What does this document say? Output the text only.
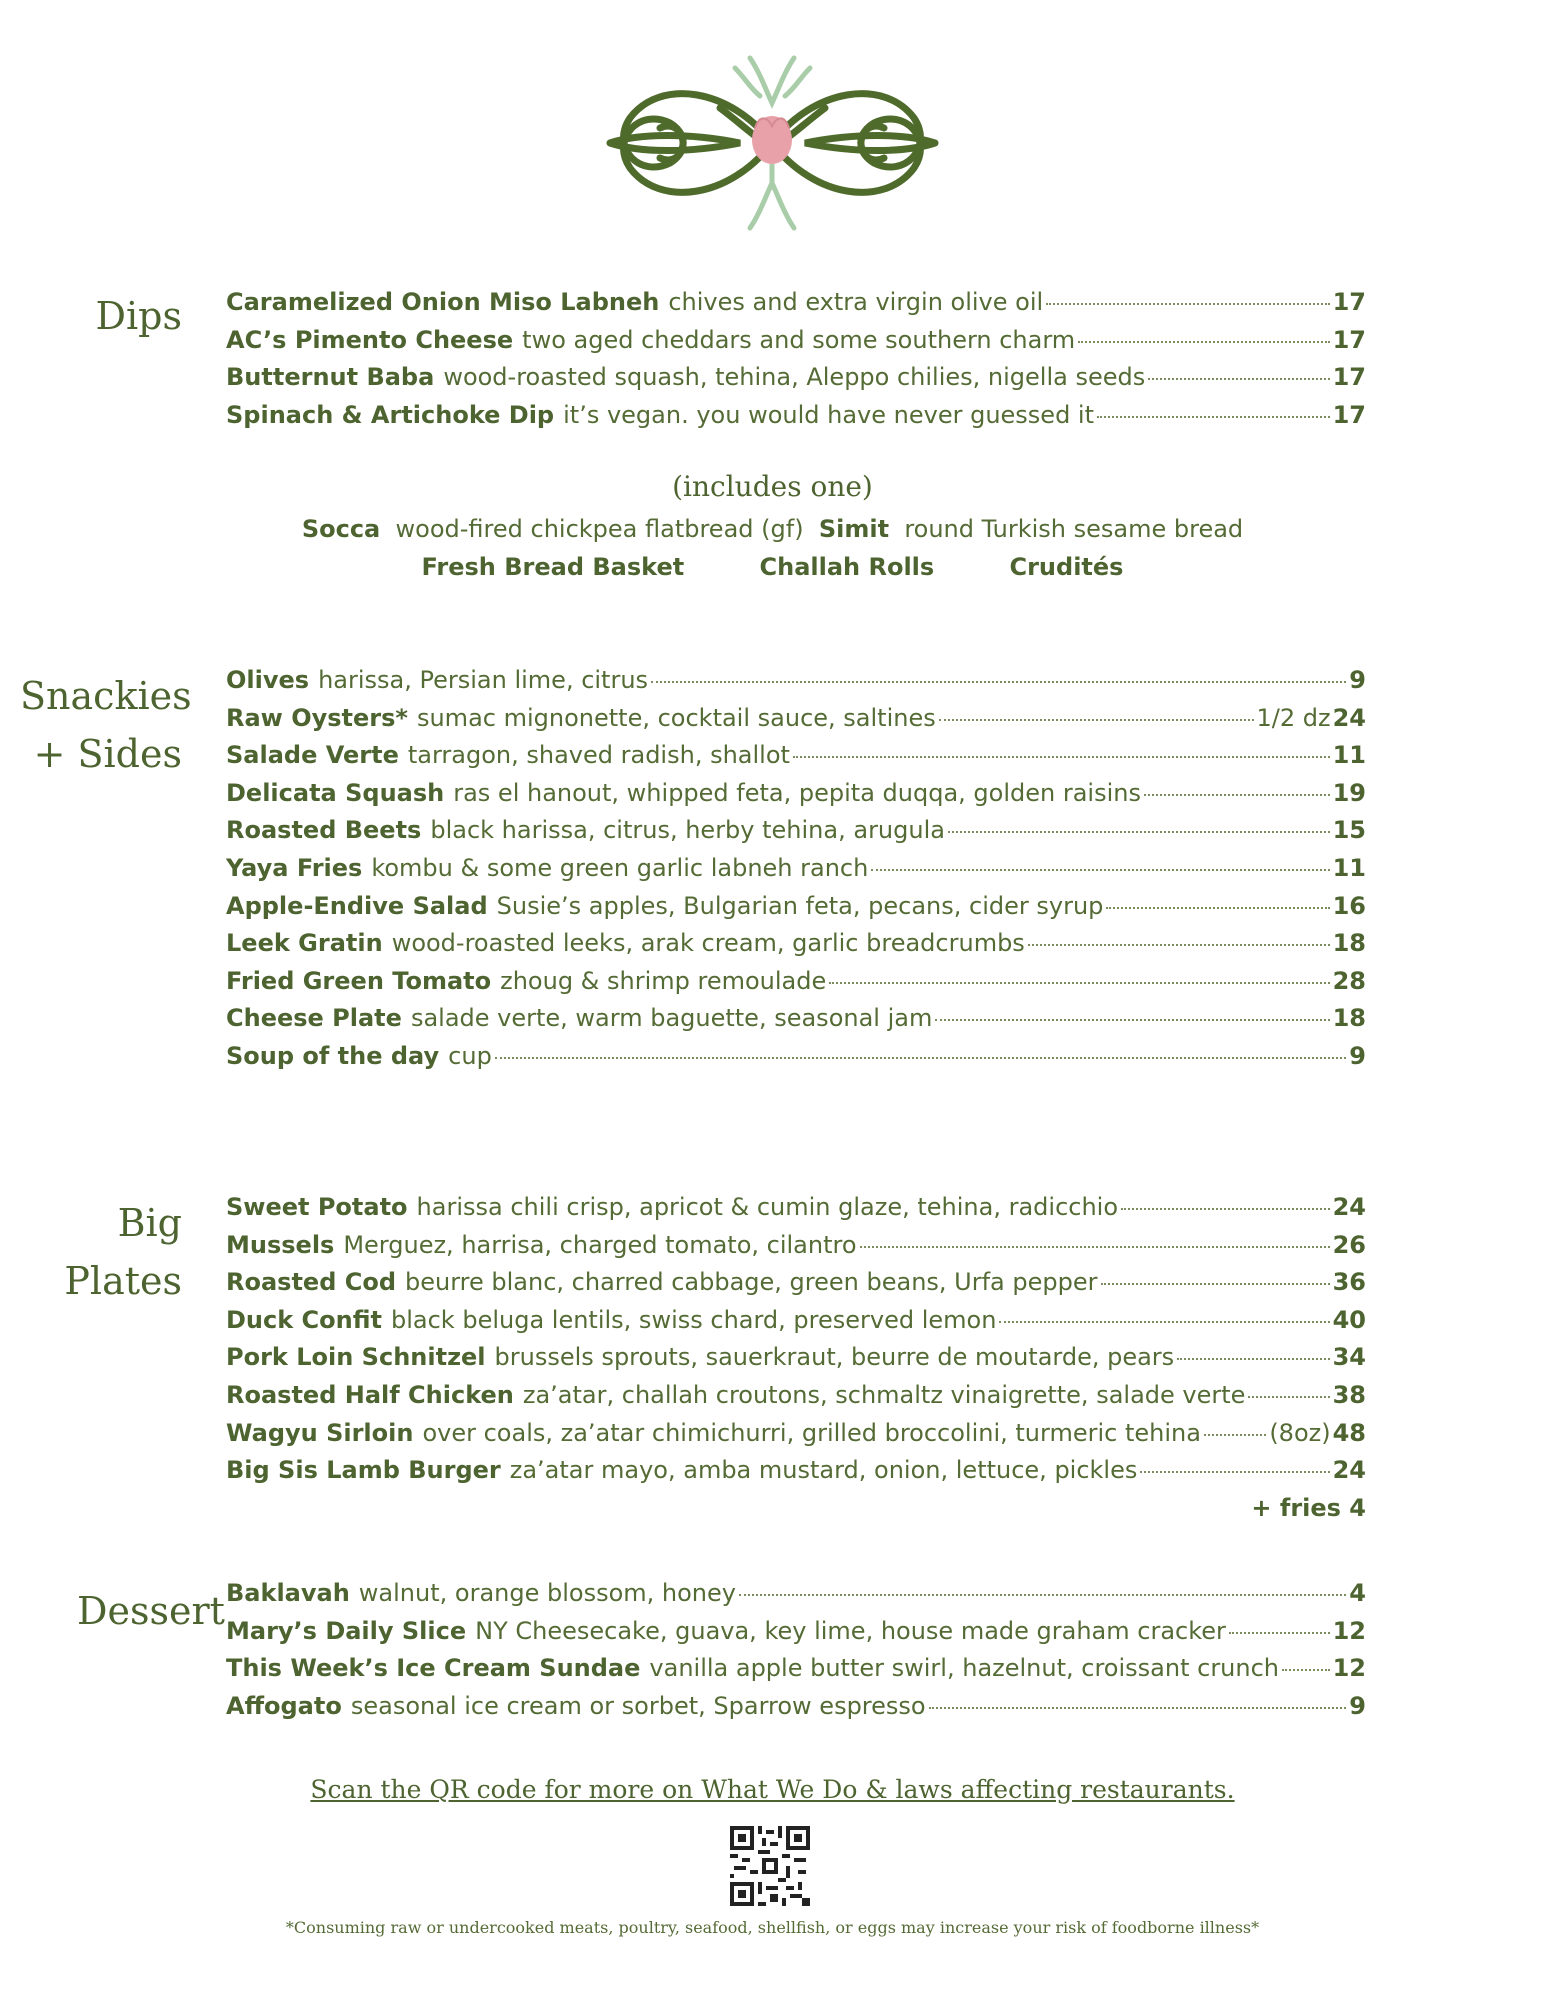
Dips Caramelized Onion Miso Labneh chives and extra virgin olive oil	17
AC’s Pimento Cheese two aged cheddars and some southern charm	17
Butternut Baba wood-roasted squash, tehina, Aleppo chilies, nigella seeds	17
Spinach & Artichoke Dip it’s vegan. you would have never guessed it	17
(includes one)
Socca wood-fired chickpea flatbread (gf) Simit round Turkish sesame bread
Fresh Bread Basket	Challah Rolls	Crudités
Snackies
+ Sides
Olives harissa, Persian lime, citrus	9
Raw Oysters* sumac mignonette, cocktail sauce, saltines	1/2 dz24
Salade Verte tarragon, shaved radish, shallot	11
Delicata Squash ras el hanout, whipped feta, pepita duqqa, golden raisins	19
Roasted Beets black harissa, citrus, herby tehina, arugula	15
Yaya Fries kombu & some green garlic labneh ranch	11
Apple-Endive Salad Susie’s apples, Bulgarian feta, pecans, cider syrup	16
Leek Gratin wood-roasted leeks, arak cream, garlic breadcrumbs	18
Fried Green Tomato zhoug & shrimp remoulade	28
Cheese Plate salade verte, warm baguette, seasonal jam	18
Soup of the day cup	9
Big
Plates
Sweet Potato harissa chili crisp, apricot & cumin glaze, tehina, radicchio	24
Mussels Merguez, harrisa, charged tomato, cilantro	26
Roasted Cod beurre blanc, charred cabbage, green beans, Urfa pepper	36
Duck Confit black beluga lentils, swiss chard, preserved lemon	40
Pork Loin Schnitzel brussels sprouts, sauerkraut, beurre de moutarde, pears	34
Roasted Half Chicken za’atar, challah croutons, schmaltz vinaigrette, salade verte	38
Wagyu Sirloin over coals, za’atar chimichurri, grilled broccolini, turmeric tehina	(8oz)48
Big Sis Lamb Burger za’atar mayo, amba mustard, onion, lettuce, pickles	24
+ fries 4
Dessert Baklavah walnut, orange blossom, honey	4
Mary’s Daily Slice NY Cheesecake, guava, key lime, house made graham cracker	12
This Week’s Ice Cream Sundae vanilla apple butter swirl, hazelnut, croissant crunch 12
Affogato seasonal ice cream or sorbet, Sparrow espresso	9
Scan the QR code for more on What We Do & laws affecting restaurants.
*Consuming raw or undercooked meats, poultry, seafood, shellfish, or eggs may increase your risk of foodborne illness*
